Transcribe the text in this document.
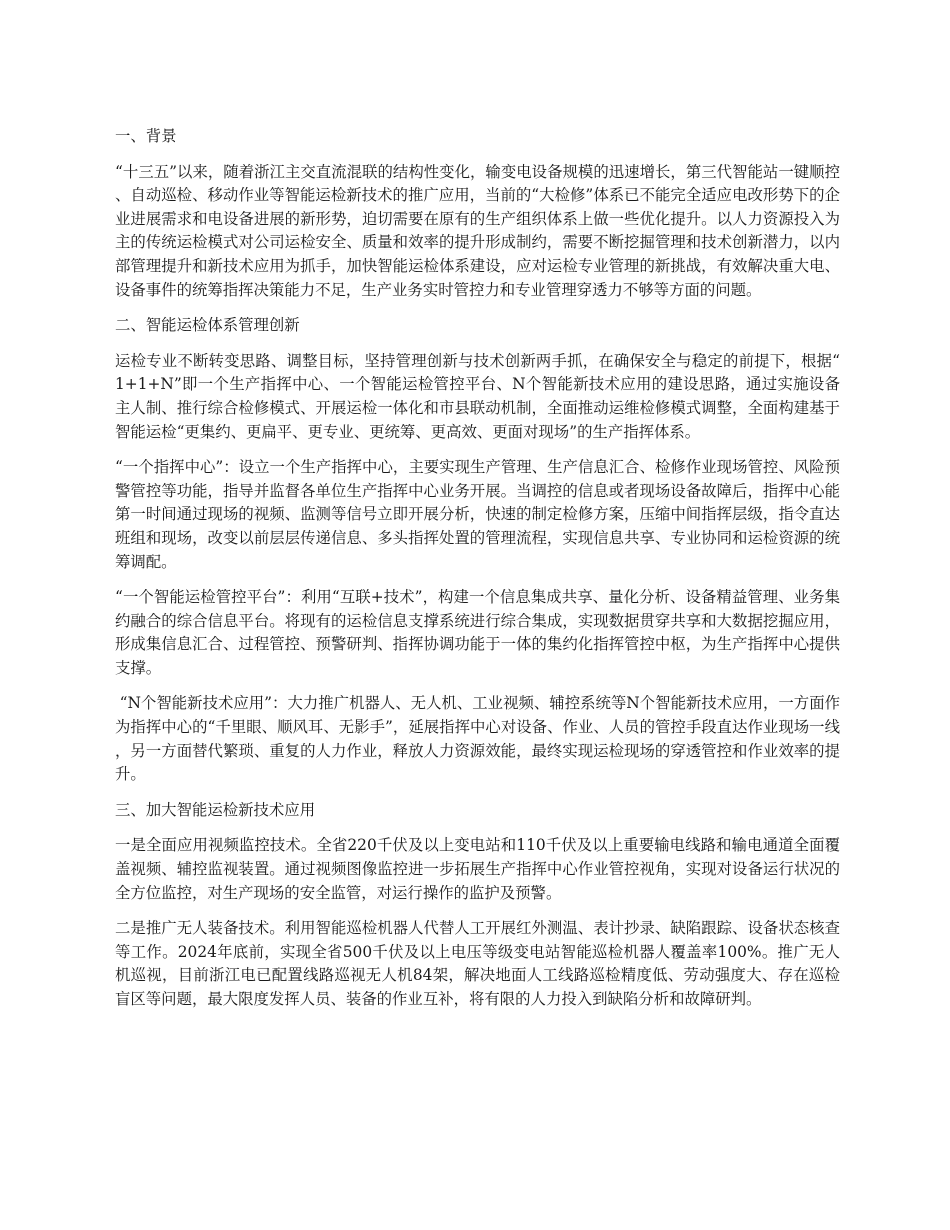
一、背景

“十三五”以来，随着浙江主交直流混联的结构性变化，输变电设备规模的迅速增长，第三代智能站一键顺控、自动巡检、移动作业等智能运检新技术的推广应用，当前的“大检修”体系已不能完全适应电改形势下的企业进展需求和电设备进展的新形势，迫切需要在原有的生产组织体系上做一些优化提升。以人力资源投入为主的传统运检模式对公司运检安全、质量和效率的提升形成制约，需要不断挖掘管理和技术创新潜力，以内部管理提升和新技术应用为抓手，加快智能运检体系建设，应对运检专业管理的新挑战，有效解决重大电、设备事件的统筹指挥决策能力不足，生产业务实时管控力和专业管理穿透力不够等方面的问题。

二、智能运检体系管理创新

运检专业不断转变思路、调整目标，坚持管理创新与技术创新两手抓，在确保安全与稳定的前提下，根据“1+1+N”即一个生产指挥中心、一个智能运检管控平台、N个智能新技术应用的建设思路，通过实施设备主人制、推行综合检修模式、开展运检一体化和市县联动机制，全面推动运维检修模式调整，全面构建基于智能运检“更集约、更扁平、更专业、更统筹、更高效、更面对现场”的生产指挥体系。

“一个指挥中心”：设立一个生产指挥中心，主要实现生产管理、生产信息汇合、检修作业现场管控、风险预警管控等功能，指导并监督各单位生产指挥中心业务开展。当调控的信息或者现场设备故障后，指挥中心能第一时间通过现场的视频、监测等信号立即开展分析，快速的制定检修方案，压缩中间指挥层级，指令直达班组和现场，改变以前层层传递信息、多头指挥处置的管理流程，实现信息共享、专业协同和运检资源的统筹调配。

“一个智能运检管控平台”：利用“互联+技术”，构建一个信息集成共享、量化分析、设备精益管理、业务集约融合的综合信息平台。将现有的运检信息支撑系统进行综合集成，实现数据贯穿共享和大数据挖掘应用，形成集信息汇合、过程管控、预警研判、指挥协调功能于一体的集约化指挥管控中枢，为生产指挥中心提供支撑。

“N个智能新技术应用”：大力推广机器人、无人机、工业视频、辅控系统等N个智能新技术应用，一方面作为指挥中心的“千里眼、顺风耳、无影手”，延展指挥中心对设备、作业、人员的管控手段直达作业现场一线，另一方面替代繁琐、重复的人力作业，释放人力资源效能，最终实现运检现场的穿透管控和作业效率的提升。

三、加大智能运检新技术应用

一是全面应用视频监控技术。全省220千伏及以上变电站和110千伏及以上重要输电线路和输电通道全面覆盖视频、辅控监视装置。通过视频图像监控进一步拓展生产指挥中心作业管控视角，实现对设备运行状况的全方位监控，对生产现场的安全监管，对运行操作的监护及预警。

二是推广无人装备技术。利用智能巡检机器人代替人工开展红外测温、表计抄录、缺陷跟踪、设备状态核查等工作。2024年底前，实现全省500千伏及以上电压等级变电站智能巡检机器人覆盖率100%。推广无人机巡视，目前浙江电已配置线路巡视无人机84架，解决地面人工线路巡检精度低、劳动强度大、存在巡检盲区等问题，最大限度发挥人员、装备的作业互补，将有限的人力投入到缺陷分析和故障研判。
